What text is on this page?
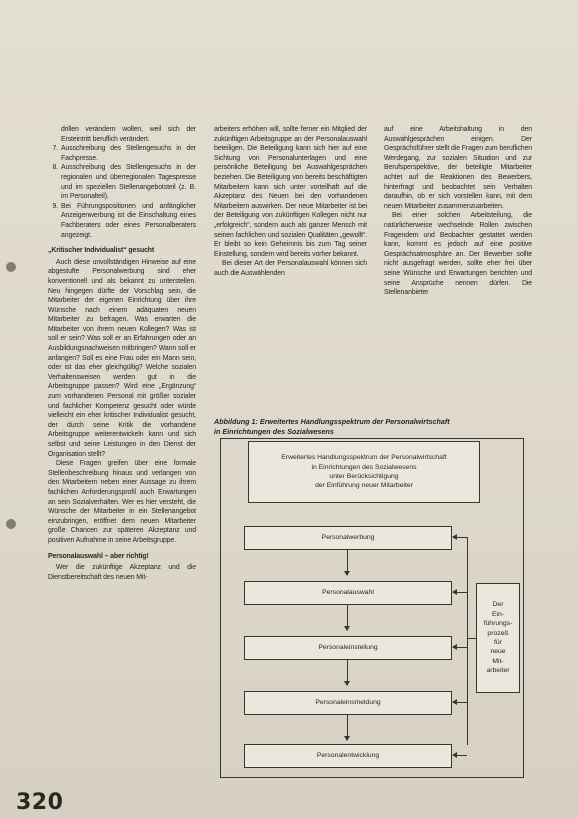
drillen verändern wollen, weil sich der Ersteintritt beruflich verändert.

7. Ausschreibung des Stellengesuchs in der Fachpresse.
8. Ausschreibung des Stellengesuchs in der regionalen und überregionalen Tagespresse und im speziellen Stellenangebotsteil (z. B. im Personalteil).
9. Bei Führungspositionen und anfänglicher Anzeigenwerbung ist die Einschaltung eines Fachberaters oder eines Personalberaters angezeigt.

„Kritischer Individualist“ gesucht

Auch diese unvollständigen Hinweise auf eine abgestufte Personalwerbung sind eher konventionell und als bekannt zu unterstellen. Neu hingegen dürfte der Vorschlag sein, die Mitarbeiter der eigenen Einrichtung über ihre Wünsche nach einem adäquaten neuen Mitarbeiter zu befragen. Was erwarten die Mitarbeiter von ihrem neuen Kollegen? Was ist soll er sein? Was soll er an Erfahrungen oder an Ausbildungsnachweisen mitbringen? Wann soll er anfangen? Soll es eine Frau oder ein Mann sein, oder ist das eher gleichgültig? Welche sozialen Verhaltensweisen werden gut in die Arbeitsgruppe passen? Wird eine „Ergänzung“ zum vorhandenen Personal mit größer sozialer und fachlicher Kompetenz gesucht oder würde vielleicht ein eher kritischer Individualist gesucht, der durch seine Kritik die vorhandene Arbeitsgruppe weiterentwickeln kann und sich selbst und seine Leistungen in den Dienst der Organisation stellt?

Diese Fragen greifen über eine formale Stellenbeschreibung hinaus und verlangen von den Mitarbeitern neben einer Aussage zu ihrem fachlichen Anforderungsprofil auch Erwartungen an sein Sozialverhalten. Wer es hier versteht, die Wünsche der Mitarbeiter in ein Stellenangebot einzubringen, eröffnet dem neuen Mitarbeiter große Chancen zur späteren Akzeptanz und positiven Aufnahme in seine Arbeitsgruppe.

Personalauswahl – aber richtig!

Wer die zukünftige Akzeptanz und die Dienstbereitschaft des neuen Mit-

arbeiters erhöhen will, sollte ferner ein Mitglied der zukünftigen Arbeitsgruppe an der Personalauswahl beteiligen. Die Beteiligung kann sich hier auf eine Sichtung von Personalunterlagen und eine persönliche Beteiligung bei Auswahlgesprächen beziehen. Die Beteiligung von bereits beschäftigten Mitarbeitern kann sich unter vorteilhaft auf die Akzeptanz des Neuen bei den vorhandenen Mitarbeitern auswirken. Der neue Mitarbeiter ist bei der Beteiligung von zukünftigen Kollegen nicht nur „erfolgreich“, sondern auch als ganzer Mensch mit seinen fachlichen und sozialen Qualitäten „gewollt“. Er bleibt so kein Geheimnis bis zum Tag seiner Einstellung, sondern wird bereits vorher bekannt.

Bei dieser Art der Personalauswahl können sich auch die Auswählenden

auf eine Arbeitshaltung in den Auswahlgesprächen einigen. Der Gesprächsführer stellt die Fragen zum beruflichen Werdegang, zur sozialen Situation und zur Berufsperspektive, der beteiligte Mitarbeiter achtet auf die Reaktionen des Bewerbers, hinterfragt und beobachtet sein Verhalten daraufhin, ob er sich vorstellen kann, mit dem neuen Mitarbeiter zusammenzuarbeiten.

Bei einer solchen Arbeitsteilung, die natürlicherweise wechselnde Rollen zwischen Fragendem und Beobachter gestattet werden kann, kommt es jedoch auf eine positive Gesprächsatmosphäre an. Der Bewerber sollte nicht ausgefragt werden, sollte eher frei über seine Wünsche und Erwartungen berichten und seine Ansprüche nennen dürfen. Die Stellenanbieter

Abbildung 1: Erweitertes Handlungsspektrum der Personalwirtschaft
in Einrichtungen des Sozialwesens
Erweitertes Handlungsspektrum der Personalwirtschaft
in Einrichtungen des Sozialwesens
unter Berücksichtigung
der Einführung neuer Mitarbeiter
Personalwerbung
Personalauswahl
Personaleinstellung
Personaleinsmeldung
Personalentwicklung
Der
Ein-
führungs-
prozeß
für
neue
Mit-
arbeiter
320
